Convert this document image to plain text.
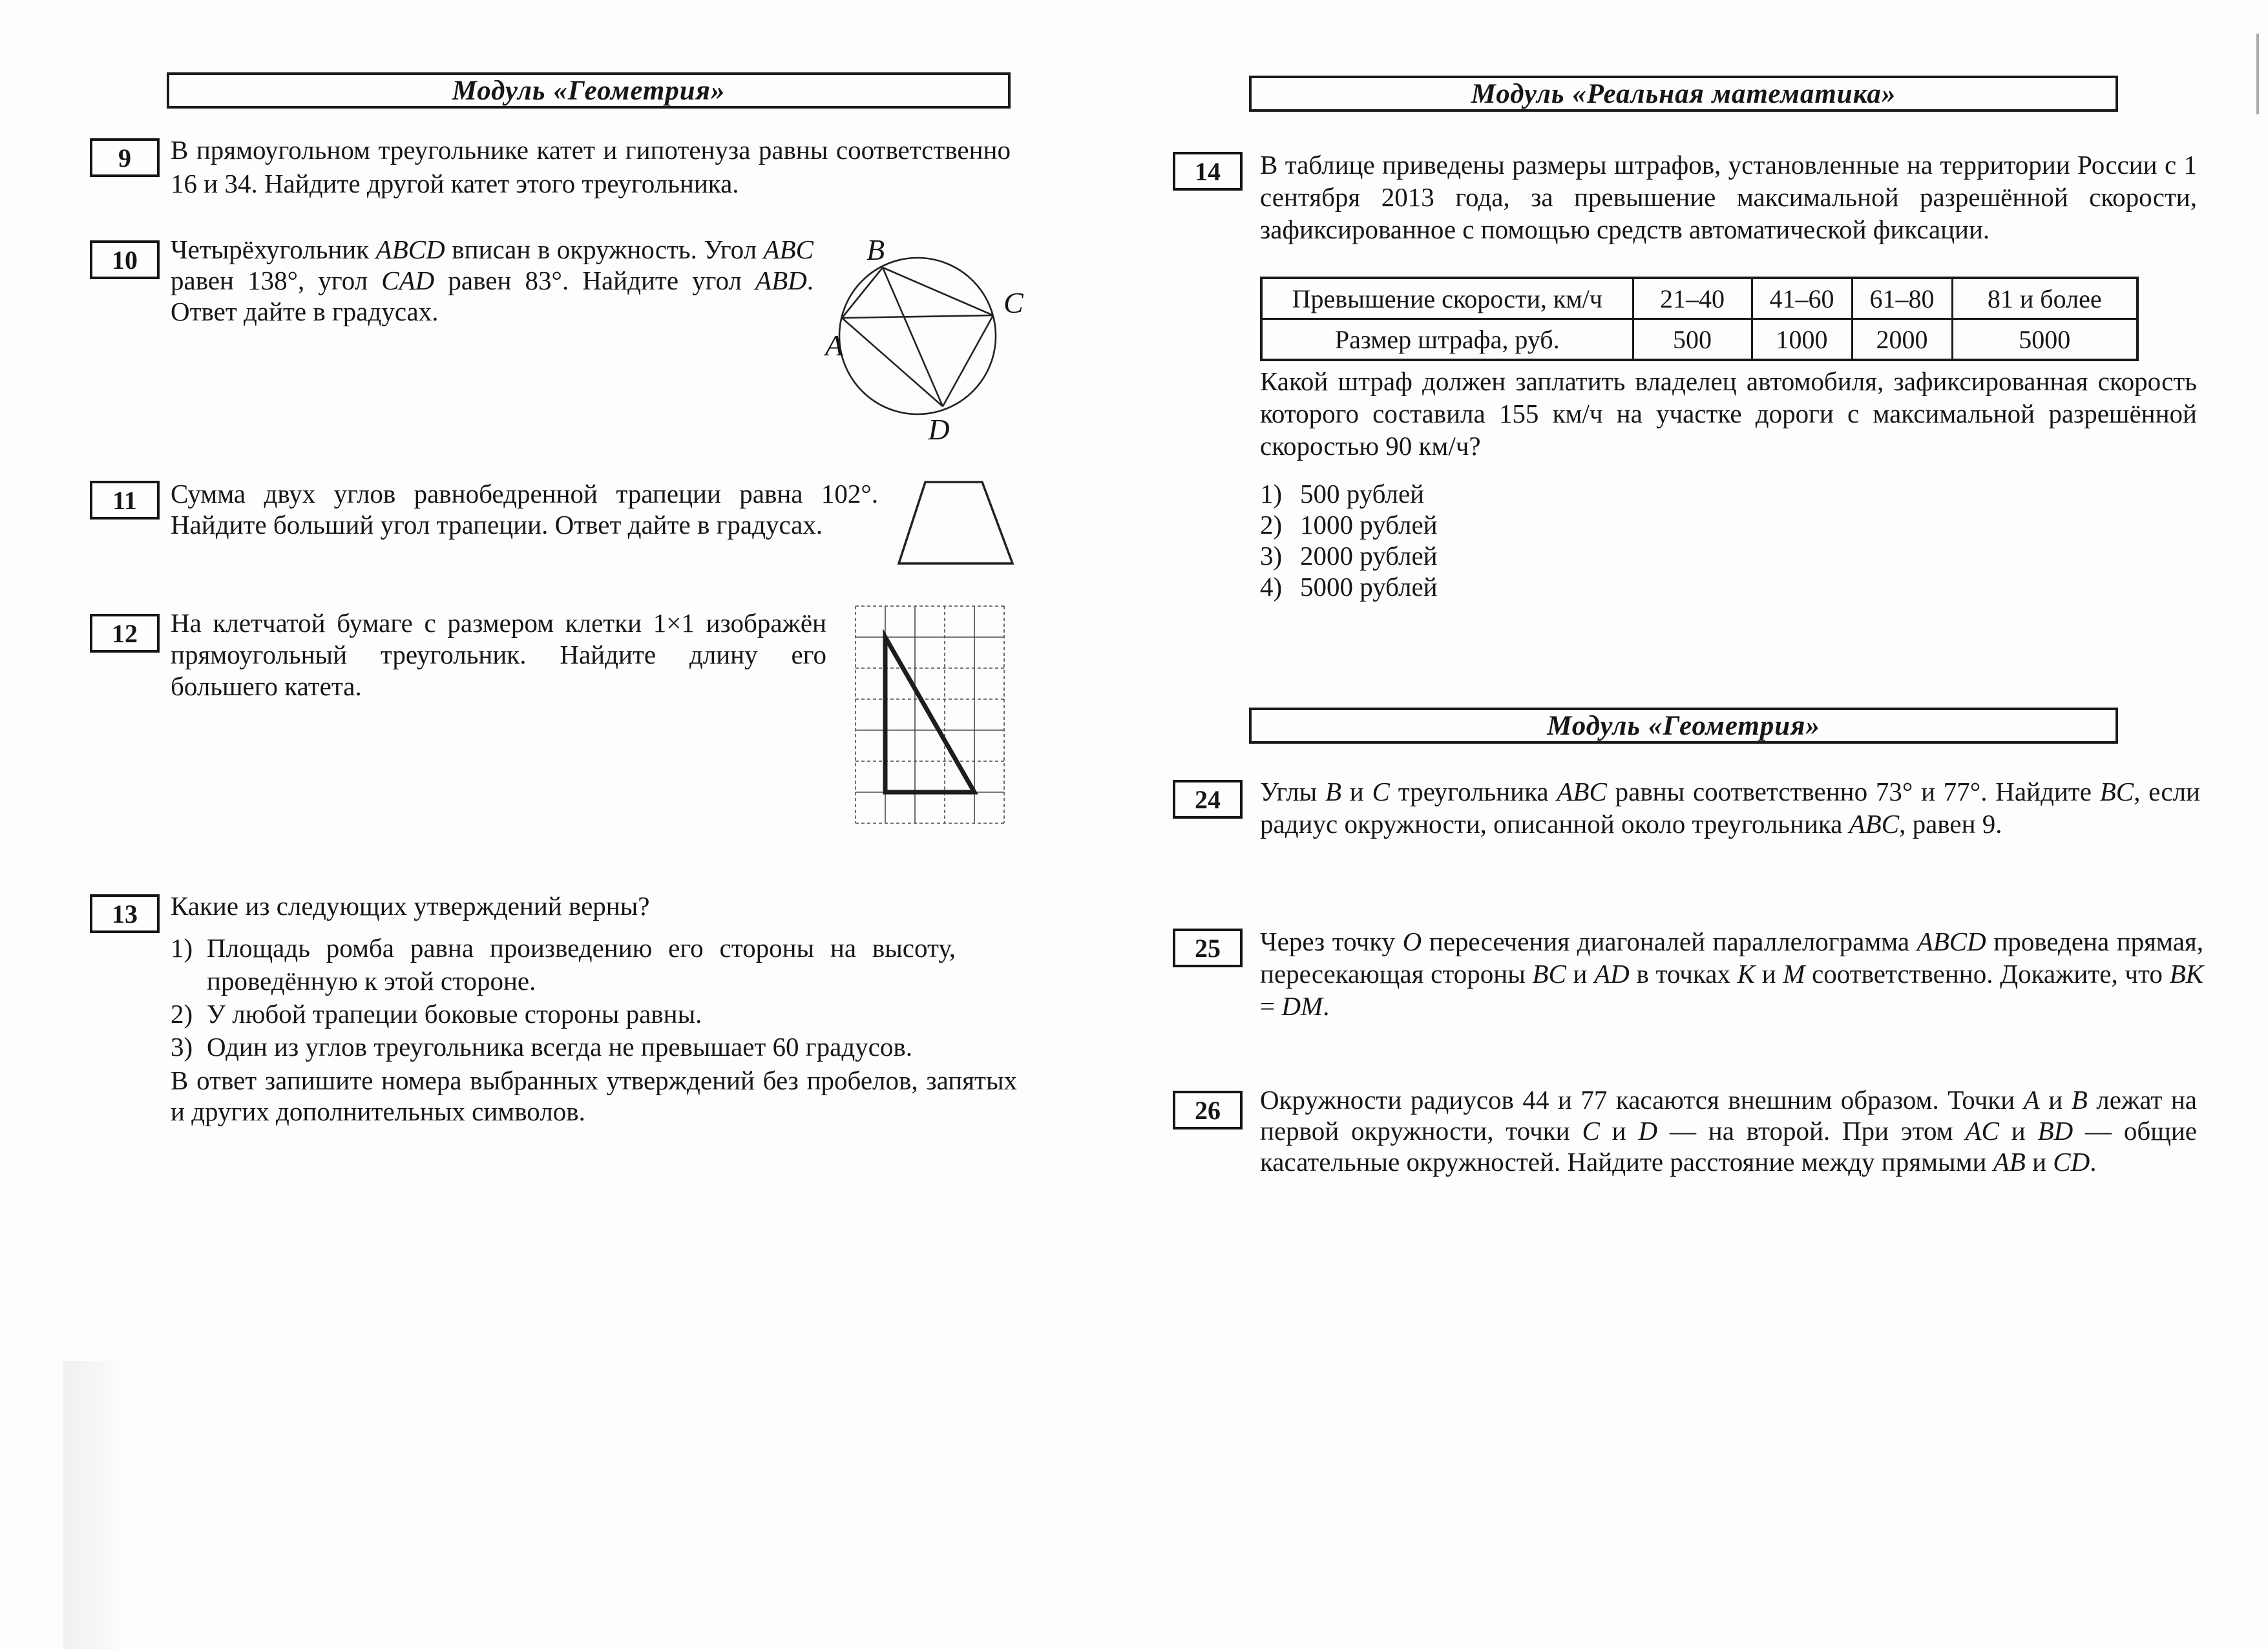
Модуль «Геометрия»
9 В прямоугольном треугольнике катет и гипотенуза равны соответственно 16 и 34. Найдите другой катет этого треугольника.
10 Четырёхугольник ABCD вписан в окружность. Угол ABC равен 138°, угол CAD равен 83°. Найдите угол ABD. Ответ дайте в градусах.
B
C
A
D
11 Сумма двух углов равнобедренной трапеции равна 102°. Найдите больший угол трапеции. Ответ дайте в градусах.
12 На клетчатой бумаге с размером клетки 1×1 изображён прямоугольный треугольник. Найдите длину его большего катета.
13 Какие из следующих утверждений верны?
1) Площадь ромба равна произведению его стороны на высоту, проведённую к этой стороне.
2) У любой трапеции боковые стороны равны.
3) Один из углов треугольника всегда не превышает 60 градусов.
В ответ запишите номера выбранных утверждений без пробелов, запятых и других дополнительных символов.
Модуль «Реальная математика»
14 В таблице приведены размеры штрафов, установленные на территории России с 1 сентября 2013 года, за превышение максимальной разрешённой скорости, зафиксированное с помощью средств автоматической фиксации.
Превышение скорости, км/ч	21–40	41–60	61–80	81 и более
Размер штрафа, руб.	500	1000	2000	5000
Какой штраф должен заплатить владелец автомобиля, зафиксированная скорость которого составила 155 км/ч на участке дороги с максимальной разрешённой скоростью 90 км/ч?
1) 500 рублей
2) 1000 рублей
3) 2000 рублей
4) 5000 рублей
Модуль «Геометрия»
24 Углы B и C треугольника ABC равны соответственно 73° и 77°. Найдите BC, если радиус окружности, описанной около треугольника ABC, равен 9.
25 Через точку O пересечения диагоналей параллелограмма ABCD проведена прямая, пересекающая стороны BC и AD в точках K и M соответственно. Докажите, что BK = DM.
26 Окружности радиусов 44 и 77 касаются внешним образом. Точки A и B лежат на первой окружности, точки C и D — на второй. При этом AC и BD — общие касательные окружностей. Найдите расстояние между прямыми AB и CD.
